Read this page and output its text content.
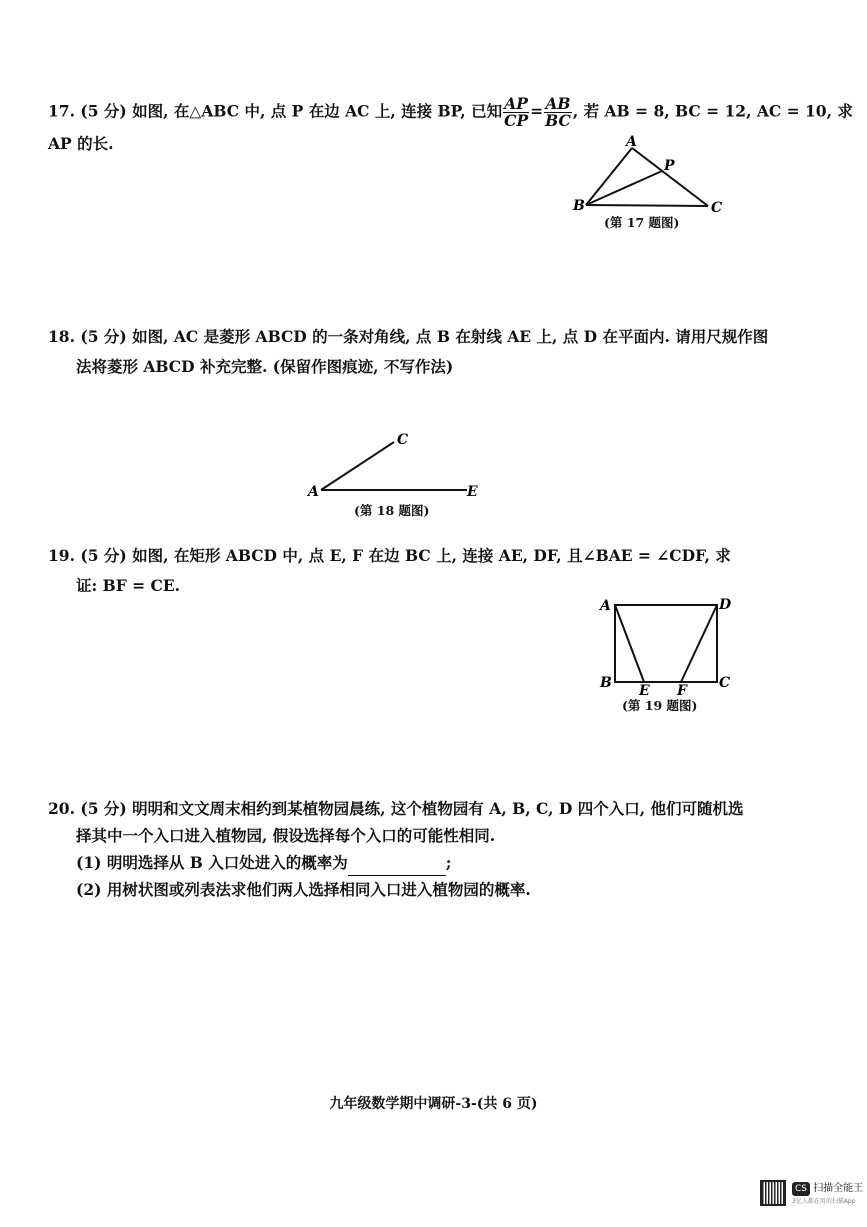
17. (5 分) 如图, 在△ABC 中, 点 P 在边 AC 上, 连接 BP, 已知 $\frac{AP}{CP} = \frac{AB}{BC}$ , 若 AB = 8, BC = 12, AC = 10, 求
AP 的长.	A
P
B	C
(第 17 题图)
18. (5 分) 如图, AC 是菱形 ABCD 的一条对角线, 点 B 在射线 AE 上, 点 D 在平面内. 请用尺规作图
法将菱形 ABCD 补充完整. (保留作图痕迹, 不写作法)
C
A	E
(第 18 题图)
19. (5 分) 如图, 在矩形 ABCD 中, 点 E, F 在边 BC 上, 连接 AE, DF, 且∠BAE = ∠CDF, 求
证: BF = CE.
A	D
B	C
E F
(第 19 题图)
20. (5 分) 明明和文文周末相约到某植物园晨练, 这个植物园有 A, B, C, D 四个入口, 他们可随机选
择其中一个入口进入植物园, 假设选择每个入口的可能性相同.
(1) 明明选择从 B 入口处进入的概率为	;
(2) 用树状图或列表法求他们两人选择相同入口进入植物园的概率.
九年级数学期中调研-3-(共 6 页)
CS 扫描全能王
3亿人都在用的扫描App
